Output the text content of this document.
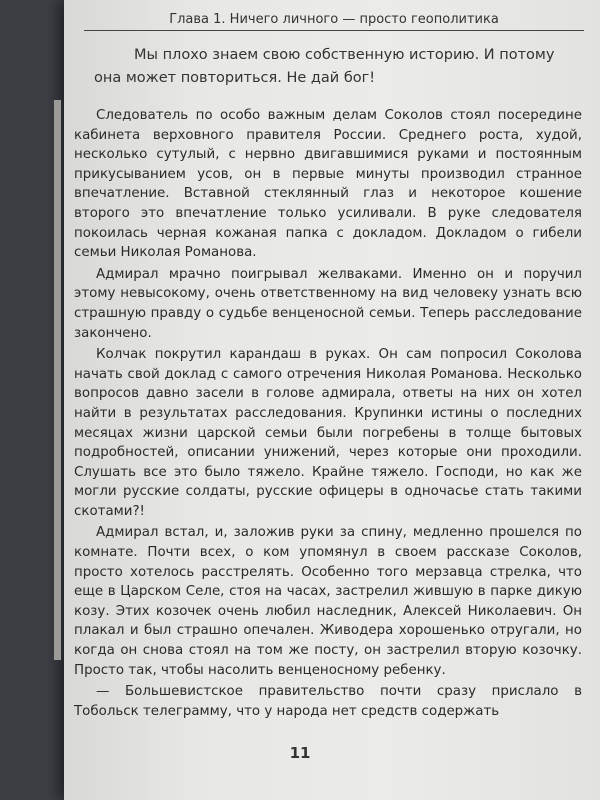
Глава 1. Ничего личного — просто геополитика

Мы плохо знаем свою собственную историю. И потому она может повториться. Не дай бог!

Следователь по особо важным делам Соколов стоял посередине кабинета верховного правителя России. Среднего роста, худой, несколько сутулый, с нервно двигавшимися руками и постоянным прикусыванием усов, он в первые минуты производил странное впечатление. Вставной стеклянный глаз и некоторое кошение второго это впечатление только усиливали. В руке следователя покоилась черная кожаная папка с докладом. Докладом о гибели семьи Николая Романова.

Адмирал мрачно поигрывал желваками. Именно он и поручил этому невысокому, очень ответственному на вид человеку узнать всю страшную правду о судьбе венценосной семьи. Теперь расследование закончено.

Колчак покрутил карандаш в руках. Он сам попросил Соколова начать свой доклад с самого отречения Николая Романова. Несколько вопросов давно засели в голове адмирала, ответы на них он хотел найти в результатах расследования. Крупинки истины о последних месяцах жизни царской семьи были погребены в толще бытовых подробностей, описании унижений, через которые они проходили. Слушать все это было тяжело. Крайне тяжело. Господи, но как же могли русские солдаты, русские офицеры в одночасье стать такими скотами?!

Адмирал встал, и, заложив руки за спину, медленно прошелся по комнате. Почти всех, о ком упомянул в своем рассказе Соколов, просто хотелось расстрелять. Особенно того мерзавца стрелка, что еще в Царском Селе, стоя на часах, застрелил жившую в парке дикую козу. Этих козочек очень любил наследник, Алексей Николаевич. Он плакал и был страшно опечален. Живодера хорошенько отругали, но когда он снова стоял на том же посту, он застрелил вторую козочку. Просто так, чтобы насолить венценосному ребенку.

— Большевистское правительство почти сразу прислало в Тобольск телеграмму, что у народа нет средств содержать

11
